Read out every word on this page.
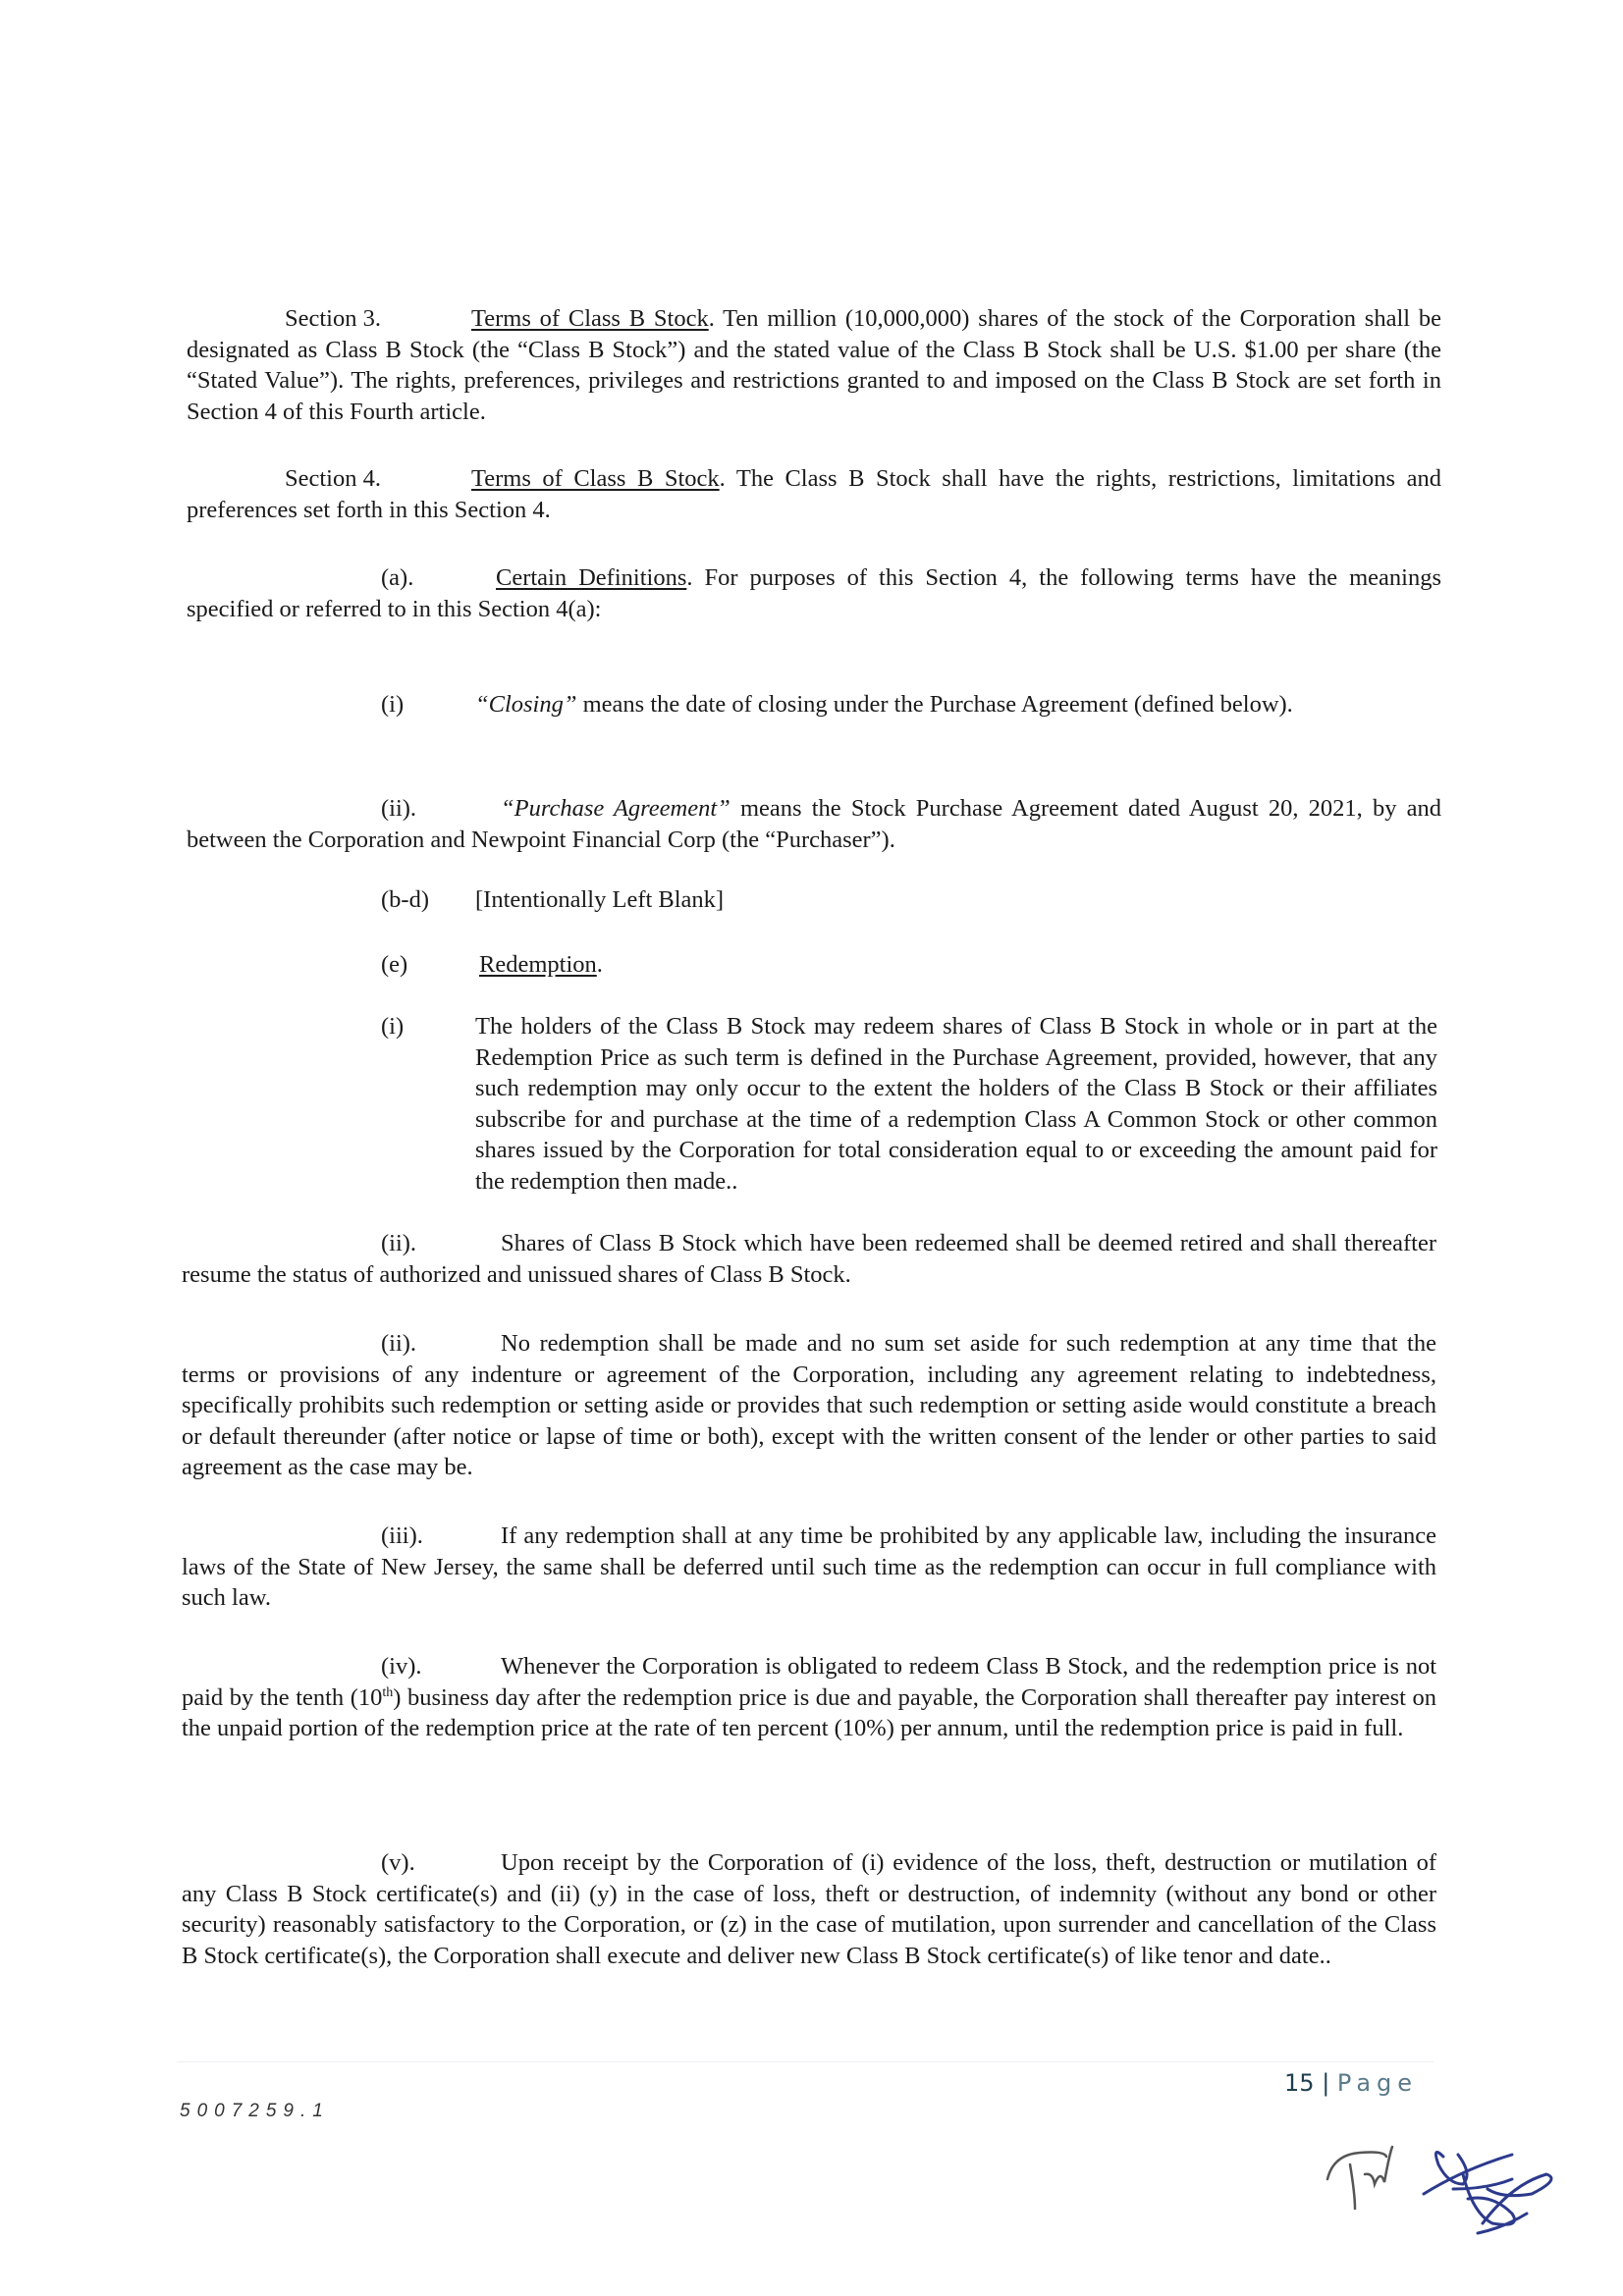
Section 3.	Terms of Class B Stock. Ten million (10,000,000) shares of the stock of the Corporation shall be designated as Class B Stock (the “Class B Stock”) and the stated value of the Class B Stock shall be U.S. $1.00 per share (the “Stated Value”). The rights, preferences, privileges and restrictions granted to and imposed on the Class B Stock are set forth in Section 4 of this Fourth article.
Section 4.	Terms of Class B Stock. The Class B Stock shall have the rights, restrictions, limitations and preferences set forth in this Section 4.
(a).	Certain Definitions. For purposes of this Section 4, the following terms have the meanings specified or referred to in this Section 4(a):
(i)	“Closing” means the date of closing under the Purchase Agreement (defined below).
(ii).	“Purchase Agreement” means the Stock Purchase Agreement dated August 20, 2021, by and between the Corporation and Newpoint Financial Corp (the “Purchaser”).
(b-d) [Intentionally Left Blank]
(e)	Redemption.
(i)	The holders of the Class B Stock may redeem shares of Class B Stock in whole or in part at the Redemption Price as such term is defined in the Purchase Agreement, provided, however, that any such redemption may only occur to the extent the holders of the Class B Stock or their affiliates subscribe for and purchase at the time of a redemption Class A Common Stock or other common shares issued by the Corporation for total consideration equal to or exceeding the amount paid for the redemption then made..
(ii).	Shares of Class B Stock which have been redeemed shall be deemed retired and shall thereafter resume the status of authorized and unissued shares of Class B Stock.
(ii).	No redemption shall be made and no sum set aside for such redemption at any time that the terms or provisions of any indenture or agreement of the Corporation, including any agreement relating to indebtedness, specifically prohibits such redemption or setting aside or provides that such redemption or setting aside would constitute a breach or default thereunder (after notice or lapse of time or both), except with the written consent of the lender or other parties to said agreement as the case may be.
(iii).	If any redemption shall at any time be prohibited by any applicable law, including the insurance laws of the State of New Jersey, the same shall be deferred until such time as the redemption can occur in full compliance with such law.
(iv).	Whenever the Corporation is obligated to redeem Class B Stock, and the redemption price is not paid by the tenth (10th) business day after the redemption price is due and payable, the Corporation shall thereafter pay interest on the unpaid portion of the redemption price at the rate of ten percent (10%) per annum, until the redemption price is paid in full.
(v).	Upon receipt by the Corporation of (i) evidence of the loss, theft, destruction or mutilation of any Class B Stock certificate(s) and (ii) (y) in the case of loss, theft or destruction, of indemnity (without any bond or other security) reasonably satisfactory to the Corporation, or (z) in the case of mutilation, upon surrender and cancellation of the Class B Stock certificate(s), the Corporation shall execute and deliver new Class B Stock certificate(s) of like tenor and date..
15 | Page
5007259.1
